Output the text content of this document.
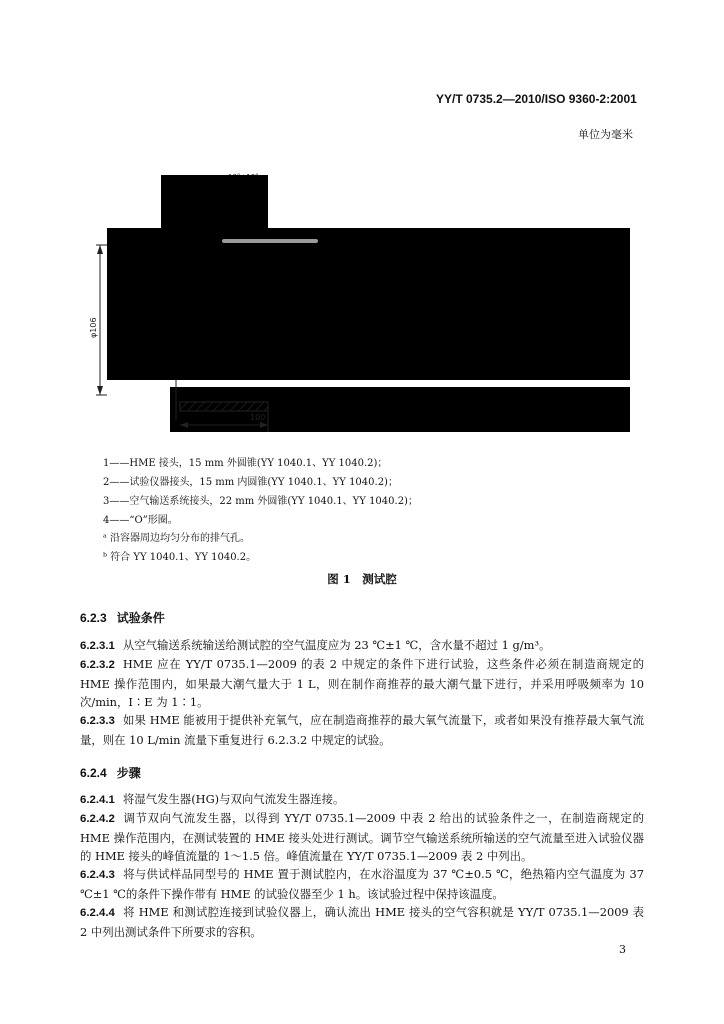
YY/T 0735.2—2010/ISO 9360-2:2001
单位为毫米
100
φ106
1——HME 接头，15 mm 外圆锥(YY 1040.1、YY 1040.2)；
2——试验仪器接头，15 mm 内圆锥(YY 1040.1、YY 1040.2)；
3——空气输送系统接头，22 mm 外圆锥(YY 1040.1、YY 1040.2)；
4——“O”形圈。
ᵃ 沿容器周边均匀分布的排气孔。
ᵇ 符合 YY 1040.1、YY 1040.2。
图 1　测试腔
6.2.3 试验条件
6.2.3.1 从空气输送系统输送给测试腔的空气温度应为 23 ℃±1 ℃，含水量不超过 1 g/m³。
6.2.3.2 HME 应在 YY/T 0735.1—2009 的表 2 中规定的条件下进行试验，这些条件必须在制造商规定的 HME 操作范围内，如果最大潮气量大于 1 L，则在制作商推荐的最大潮气量下进行，并采用呼吸频率为 10 次/min，I∶E 为 1∶1。
6.2.3.3 如果 HME 能被用于提供补充氧气，应在制造商推荐的最大氧气流量下，或者如果没有推荐最大氧气流量，则在 10 L/min 流量下重复进行 6.2.3.2 中规定的试验。
6.2.4 步骤
6.2.4.1 将湿气发生器(HG)与双向气流发生器连接。
6.2.4.2 调节双向气流发生器，以得到 YY/T 0735.1—2009 中表 2 给出的试验条件之一，在制造商规定的 HME 操作范围内，在测试装置的 HME 接头处进行测试。调节空气输送系统所输送的空气流量至进入试验仪器的 HME 接头的峰值流量的 1～1.5 倍。峰值流量在 YY/T 0735.1—2009 表 2 中列出。
6.2.4.3 将与供试样品同型号的 HME 置于测试腔内，在水浴温度为 37 ℃±0.5 ℃，绝热箱内空气温度为 37 ℃±1 ℃的条件下操作带有 HME 的试验仪器至少 1 h。该试验过程中保持该温度。
6.2.4.4 将 HME 和测试腔连接到试验仪器上，确认流出 HME 接头的空气容积就是 YY/T 0735.1—2009 表 2 中列出测试条件下所要求的容积。
3
